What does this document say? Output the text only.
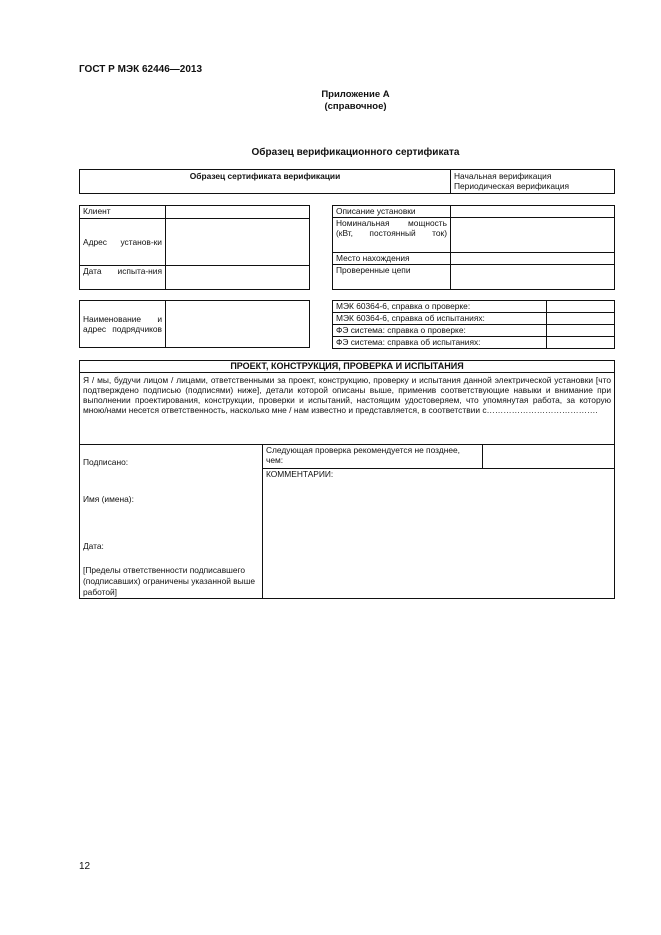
ГОСТ Р МЭК 62446—2013
Приложение А
(справочное)
Образец верификационного сертификата
Образец сертификата верификации	Начальная верификация
Периодическая верификация
Клиент	
Адрес установ-ки	
Дата испыта-ния	
Описание установки	
Номинальная мощность (кВт, постоянный ток)	
Место нахождения	
Проверенные цепи	
Наименование и адрес подрядчиков	
МЭК 60364-6, справка о проверке:	
МЭК 60364-6, справка об испытаниях:	
ФЭ система: справка о проверке:	
ФЭ система: справка об испытаниях:	
ПРОЕКТ, КОНСТРУКЦИЯ, ПРОВЕРКА И ИСПЫТАНИЯ
Я / мы, будучи лицом / лицами, ответственными за проект, конструкцию, проверку и испытания данной электрической установки [что подтверждено подписью (подписями) ниже], детали которой описаны выше, применив соответствующие навыки и внимание при выполнении проектирования, конструкции, проверки и испытаний, настоящим удостоверяем, что упомянутая работа, за которую мною/нами несется ответственность, насколько мне / нам известно и представляется, в соответствии с………………………………….

Подписано:
Имя (имена):
Дата:
[Пределы ответственности подписавшего (подписавших) ограничены указанной выше работой]
	Следующая проверка рекомендуется не позднее, чем:	
КОММЕНТАРИИ:
12
